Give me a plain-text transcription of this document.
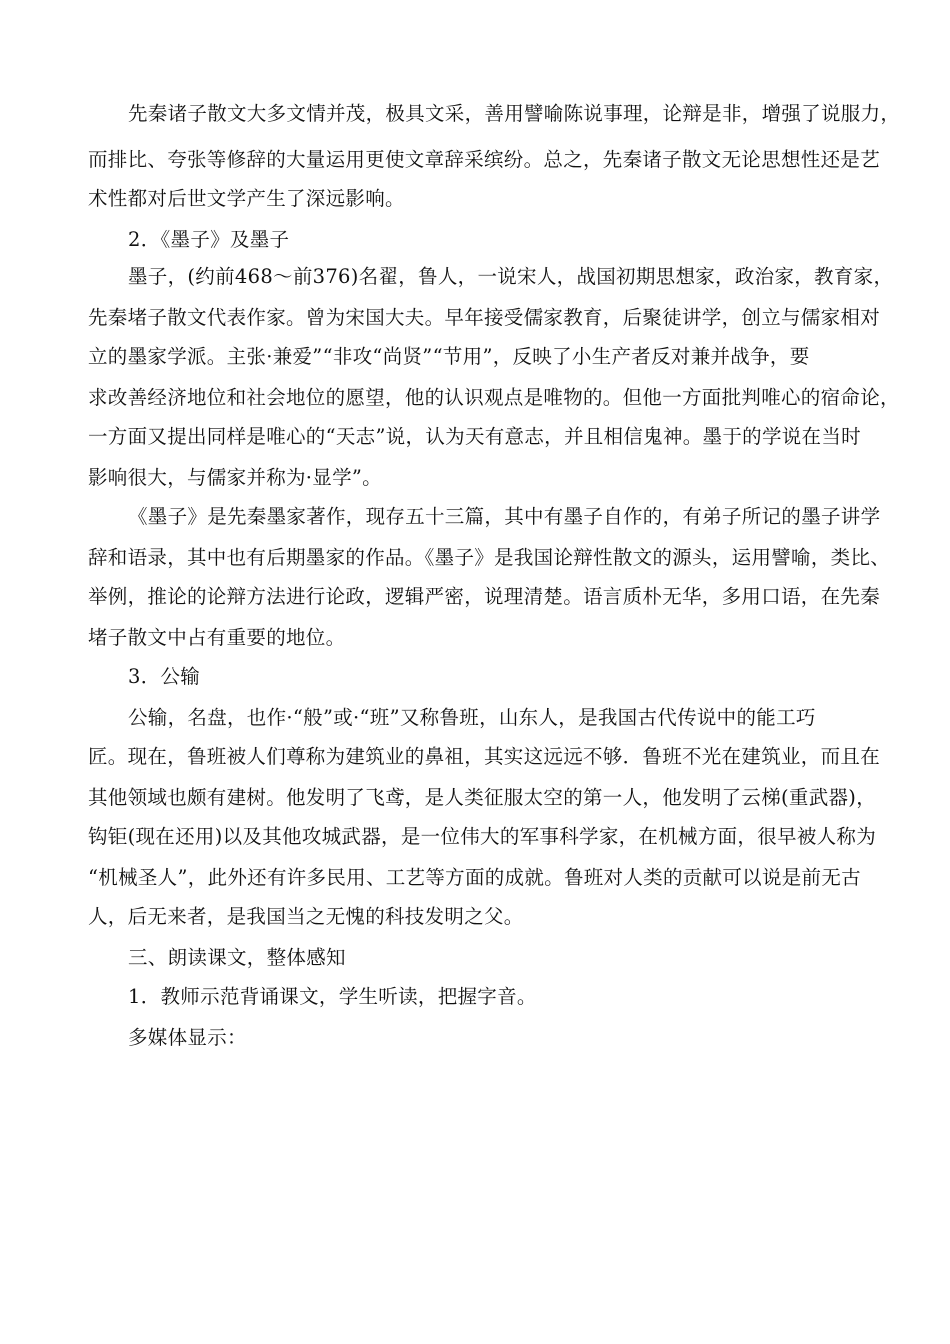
先秦诸子散文大多文情并茂，极具文采，善用譬喻陈说事理，论辩是非，增强了说服力，
而排比、夸张等修辞的大量运用更使文章辞采缤纷。总之，先秦诸子散文无论思想性还是艺
术性都对后世文学产生了深远影响。
2．《墨子》及墨子
墨子，(约前468～前376)名翟，鲁人，一说宋人，战国初期思想家，政治家，教育家，
先秦堵子散文代表作家。曾为宋国大夫。早年接受儒家教育，后聚徒讲学，创立与儒家相对
立的墨家学派。主张·兼爱”“非攻“尚贤”“节用”，反映了小生产者反对兼并战争，要
求改善经济地位和社会地位的愿望，他的认识观点是唯物的。但他一方面批判唯心的宿命论，
一方面又提出同样是唯心的“天志”说，认为天有意志，并且相信鬼神。墨于的学说在当时
影响很大，与儒家并称为·显学”。
《墨子》是先秦墨家著作，现存五十三篇，其中有墨子自作的，有弟子所记的墨子讲学
辞和语录，其中也有后期墨家的作品。《墨子》是我国论辩性散文的源头，运用譬喻，类比、
举例，推论的论辩方法进行论政，逻辑严密，说理清楚。语言质朴无华，多用口语，在先秦
堵子散文中占有重要的地位。
3．公输
公输，名盘，也作·“般”或·“班”又称鲁班，山东人，是我国古代传说中的能工巧
匠。现在，鲁班被人们尊称为建筑业的鼻祖，其实这远远不够．鲁班不光在建筑业，而且在
其他领域也颇有建树。他发明了飞鸢，是人类征服太空的第一人，他发明了云梯(重武器)，
钩钜(现在还用)以及其他攻城武器，是一位伟大的军事科学家，在机械方面，很早被人称为
“机械圣人”，此外还有许多民用、工艺等方面的成就。鲁班对人类的贡献可以说是前无古
人，后无来者，是我国当之无愧的科技发明之父。
三、朗读课文，整体感知
1．教师示范背诵课文，学生听读，把握字音。
多媒体显示：
